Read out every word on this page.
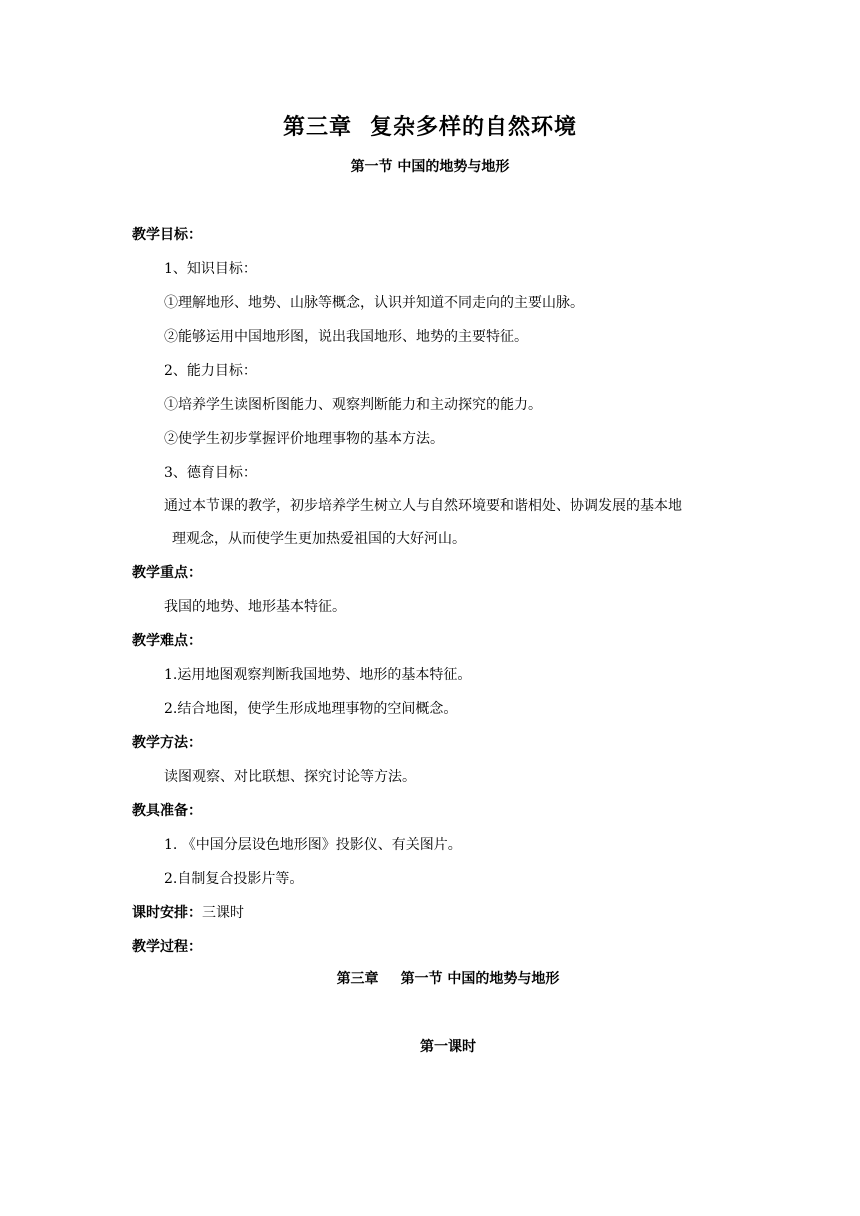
第三章 复杂多样的自然环境
第一节 中国的地势与地形
教学目标：
1、知识目标：
①理解地形、地势、山脉等概念，认识并知道不同走向的主要山脉。
②能够运用中国地形图，说出我国地形、地势的主要特征。
2、能力目标：
①培养学生读图析图能力、观察判断能力和主动探究的能力。
②使学生初步掌握评价地理事物的基本方法。
3、德育目标：
通过本节课的教学，初步培养学生树立人与自然环境要和谐相处、协调发展的基本地
理观念，从而使学生更加热爱祖国的大好河山。
教学重点：
我国的地势、地形基本特征。
教学难点：
1.运用地图观察判断我国地势、地形的基本特征。
2.结合地图，使学生形成地理事物的空间概念。
教学方法：
读图观察、对比联想、探究讨论等方法。
教具准备：
1. 《中国分层设色地形图》投影仪、有关图片。
2.自制复合投影片等。
课时安排：三课时
教学过程：
第三章 第一节 中国的地势与地形
第一课时
